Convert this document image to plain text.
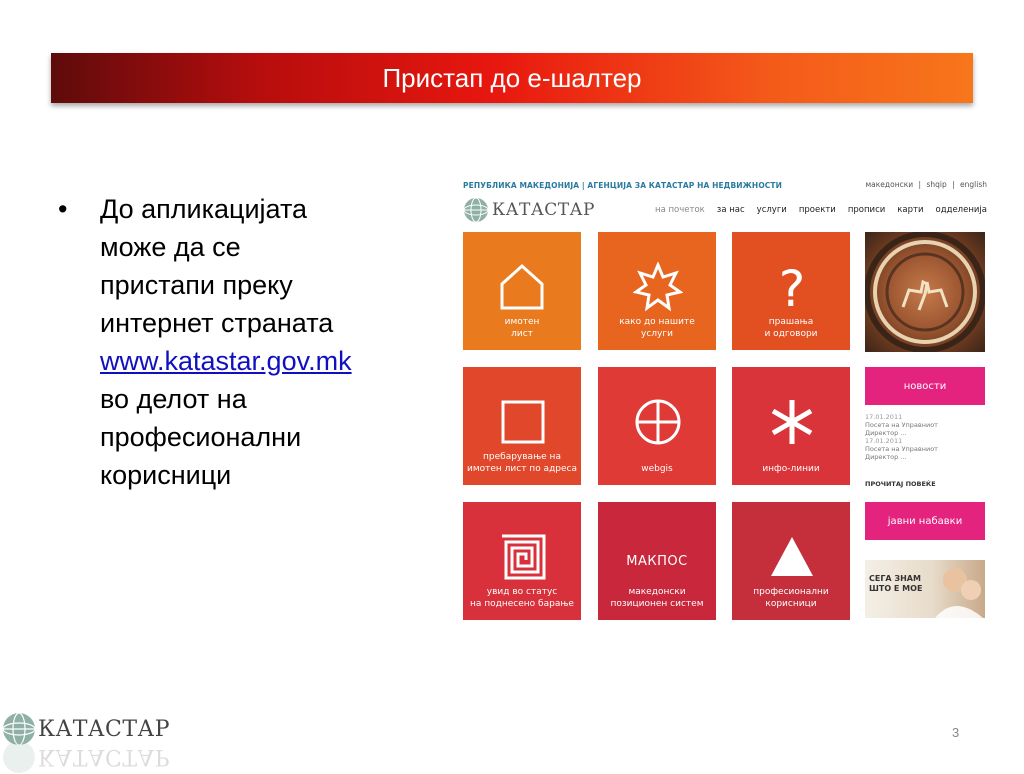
Пристап до е-шалтер
• До апликацијата
може да се
пристапи преку
интернет страната
www.katastar.gov.mk
во делот на
професионални
корисници
РЕПУБЛИКА МАКЕДОНИЈА | АГЕНЦИЈА ЗА КАТАСТАР НА НЕДВИЖНОСТИ	македонски | shqip | english
КАТАСТАР	на почеток за нас услуги проекти прописи карти одделенија
имотен
лист
како до нашите
услуги
?
прашања
и одговори
пребарување на
имотен лист по адреса	webgis	инфо-линии
увид во статус
на поднесено барање
МАКПОС
македонски
позиционен систем
професионални
корисници
новости
17.01.2011
Посета на Управниот
Директор ...
17.01.2011
Посета на Управниот
Директор ...
ПРОЧИТАЈ ПОВЕЌЕ
јавни набавки
СЕГА ЗНАМ ШТО Е МОЕ
КАТАСТАР
КАТАСТАР
3
